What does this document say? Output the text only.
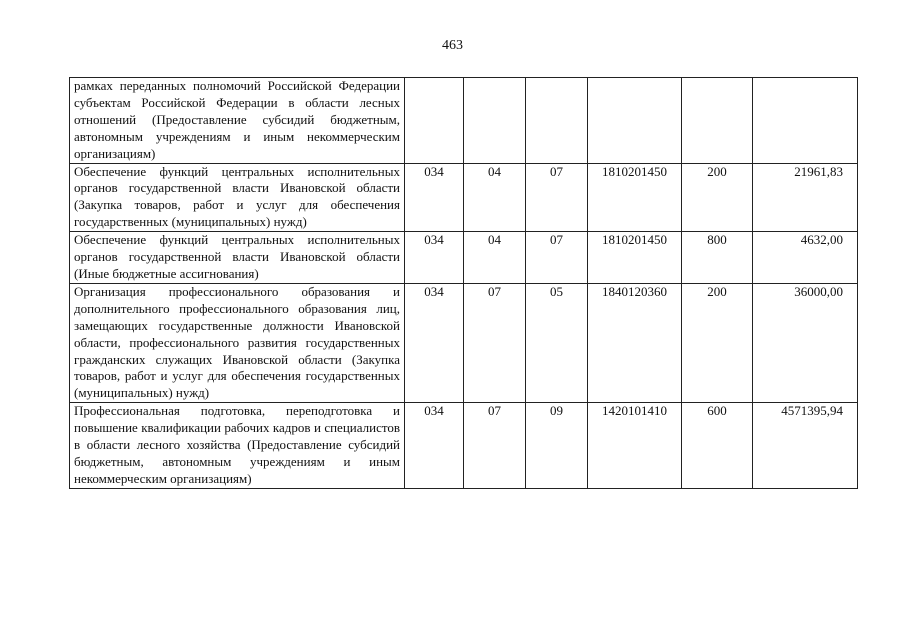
463
рамках переданных полномочий Российской Федерации субъектам Российской Федерации в области лесных отношений (Предоставление субсидий бюджетным, автономным учреждениям и иным некоммерческим организациям)						
Обеспечение функций центральных исполнительных органов государственной власти Ивановской области (Закупка товаров, работ и услуг для обеспечения государственных (муниципальных) нужд)	034	04	07	1810201450	200	21961,83
Обеспечение функций центральных исполнительных органов государственной власти Ивановской области (Иные бюджетные ассигнования)	034	04	07	1810201450	800	4632,00
Организация профессионального образования и дополнительного профессионального образования лиц, замещающих государственные должности Ивановской области, профессионального развития государственных гражданских служащих Ивановской области (Закупка товаров, работ и услуг для обеспечения государственных (муниципальных) нужд)	034	07	05	1840120360	200	36000,00
Профессиональная подготовка, переподготовка и повышение квалификации рабочих кадров и специалистов в области лесного хозяйства (Предоставление субсидий бюджетным, автономным учреждениям и иным некоммерческим организациям)	034	07	09	1420101410	600	4571395,94
